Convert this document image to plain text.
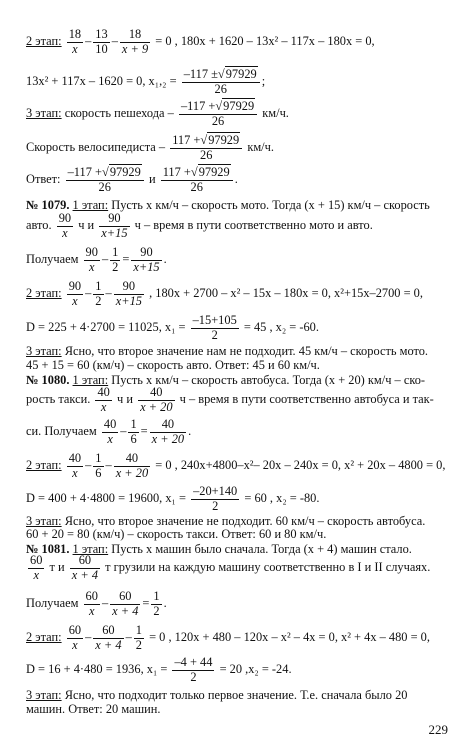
2 этап: $\frac{18}{x} - \frac{13}{10} - \frac{18}{x + 9} = 0$ , 180x + 1620 – 13x² – 117x – 180x = 0,
13x² + 117x – 1620 = 0, $x_1,_2 = \frac{-117 \pm√97929}{26}$ ;
3 этап: скорость пешехода – $\frac{-117 +√97929}{26} км/ч$.
Скорость велосипедиста – $\frac{117 +√97929}{26} км/ч$.
Ответ: $\frac{-117 +√97929}{26}$ и $\frac{117 +√97929}{26}$ .
№ 1079. 1 этап: Пусть x км/ч – скорость мото. Тогда (x + 15) км/ч – скорость
авто. $\frac{90}{x}$ ч и $\frac{90}{x+15}$ ч – время в пути соответственно мото и авто.
Получаем $\frac{90}{x} - \frac{1}{2} = \frac{90}{x+15}$ .
2 этап: $\frac{90}{x} - \frac{1}{2} - \frac{90}{x+15}$ , 180x + 2700 – x² – 15x – 180x = 0, x²+15x–2700 = 0,
D = 225 + 4·2700 = 11025, $x_1 = \frac{-15+105}{2} = 45$ , x₂ = -60.
3 этап: Ясно, что второе значение нам не подходит. 45 км/ч – скорость мото.
45 + 15 = 60 (км/ч) – скорость авто. Ответ: 45 и 60 км/ч.
№ 1080. 1 этап: Пусть x км/ч – скорость автобуса. Тогда (x + 20) км/ч – ско-
рость такси. $\frac{40}{x}$ ч и $\frac{40}{x + 20}$ ч – время в пути соответственно автобуса и так-
си. Получаем $\frac{40}{x} - \frac{1}{6} = \frac{40}{x + 20}$ .
2 этап: $\frac{40}{x} - \frac{1}{6} - \frac{40}{x + 20} = 0$ , 240x+4800–x²– 20x – 240x = 0, x² + 20x – 4800 = 0,
D = 400 + 4·4800 = 19600, $x_1 = \frac{-20+140}{2} = 60$ , x₂ = -80.
3 этап: Ясно, что второе значение не подходит. 60 км/ч – скорость автобуса.
60 + 20 = 80 (км/ч) – скорость такси. Ответ: 60 и 80 км/ч.
№ 1081. 1 этап: Пусть x машин было сначала. Тогда (x + 4) машин стало.
$\frac{60}{x}$ т и $\frac{60}{x + 4}$ т грузили на каждую машину соответственно в I и II случаях.
Получаем $\frac{60}{x} - \frac{60}{x + 4} = \frac{1}{2}$ .
2 этап: $\frac{60}{x} - \frac{60}{x + 4} - \frac{1}{2} = 0$ , 120x + 480 – 120x – x² – 4x = 0, x² + 4x – 480 = 0,
D = 16 + 4·480 = 1936, $x_1 = \frac{-4 + 44}{2} = 20$ ,x₂ = -24.
3 этап: Ясно, что подходит только первое значение. Т.е. сначала было 20
машин. Ответ: 20 машин.
229
